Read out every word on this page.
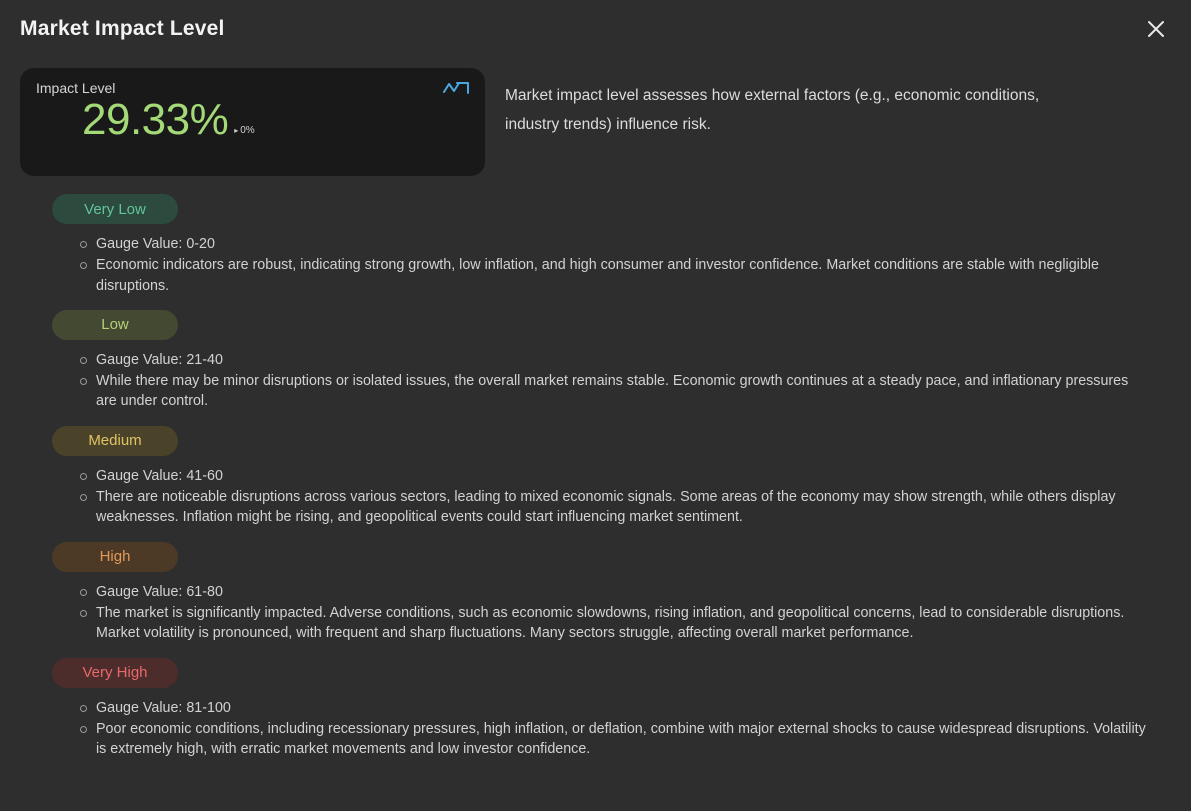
Market Impact Level
Impact Level
29.33% ▸ 0%
Market impact level assesses how external factors (e.g., economic conditions, industry trends) influence risk.
Very Low
Gauge Value: 0-20
Economic indicators are robust, indicating strong growth, low inflation, and high consumer and investor confidence. Market conditions are stable with negligible disruptions.
Low
Gauge Value: 21-40
While there may be minor disruptions or isolated issues, the overall market remains stable. Economic growth continues at a steady pace, and inflationary pressures are under control.
Medium
Gauge Value: 41-60
There are noticeable disruptions across various sectors, leading to mixed economic signals. Some areas of the economy may show strength, while others display weaknesses. Inflation might be rising, and geopolitical events could start influencing market sentiment.
High
Gauge Value: 61-80
The market is significantly impacted. Adverse conditions, such as economic slowdowns, rising inflation, and geopolitical concerns, lead to considerable disruptions. Market volatility is pronounced, with frequent and sharp fluctuations. Many sectors struggle, affecting overall market performance.
Very High
Gauge Value: 81-100
Poor economic conditions, including recessionary pressures, high inflation, or deflation, combine with major external shocks to cause widespread disruptions. Volatility is extremely high, with erratic market movements and low investor confidence.
